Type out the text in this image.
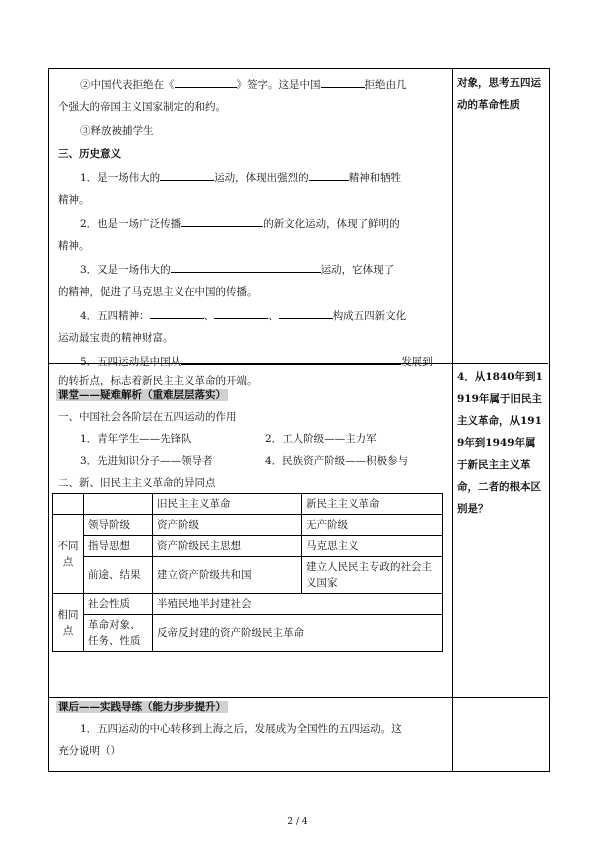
②中国代表拒绝在《	》签字。这是中国	拒绝由几
个强大的帝国主义国家制定的和约。
③释放被捕学生
三、历史意义
1．是一场伟大的	运动，体现出强烈的	精神和牺牲
精神。
2．也是一场广泛传播	的新文化运动，体现了鲜明的
精神。
3．又是一场伟大的	运动，它体现了
的精神，促进了马克思主义在中国的传播。
4．五四精神：	、	、	构成五四新文化
运动最宝贵的精神财富。
5．五四运动是中国从	发展到
的转折点，标志着新民主主义革命的开端。
课堂——疑难解析（重难层层落实）
一、中国社会各阶层在五四运动的作用
1．青年学生——先锋队	2．工人阶级——主力军
3．先进知识分子——领导者	4．民族资产阶级——积极参与
二、新、旧民主主义革命的异同点
		旧民主主义革命	新民主主义革命
不同点	领导阶级	资产阶级	无产阶级
	指导思想	资产阶级民主思想	马克思主义
	前途、结果	建立资产阶级共和国	建立人民民主专政的社会主义国家
相同点	社会性质	半殖民地半封建社会	
	革命对象、任务、性质	反帝反封建的资产阶级民主革命	
课后——实践导练（能力步步提升）
1．五四运动的中心转移到上海之后，发展成为全国性的五四运动。这
充分说明（）
对象，思考五四运动的革命性质
4．从1840年到1919年属于旧民主主义革命，从1919年到1949年属于新民主主义革命，二者的根本区别是？
2 / 4
